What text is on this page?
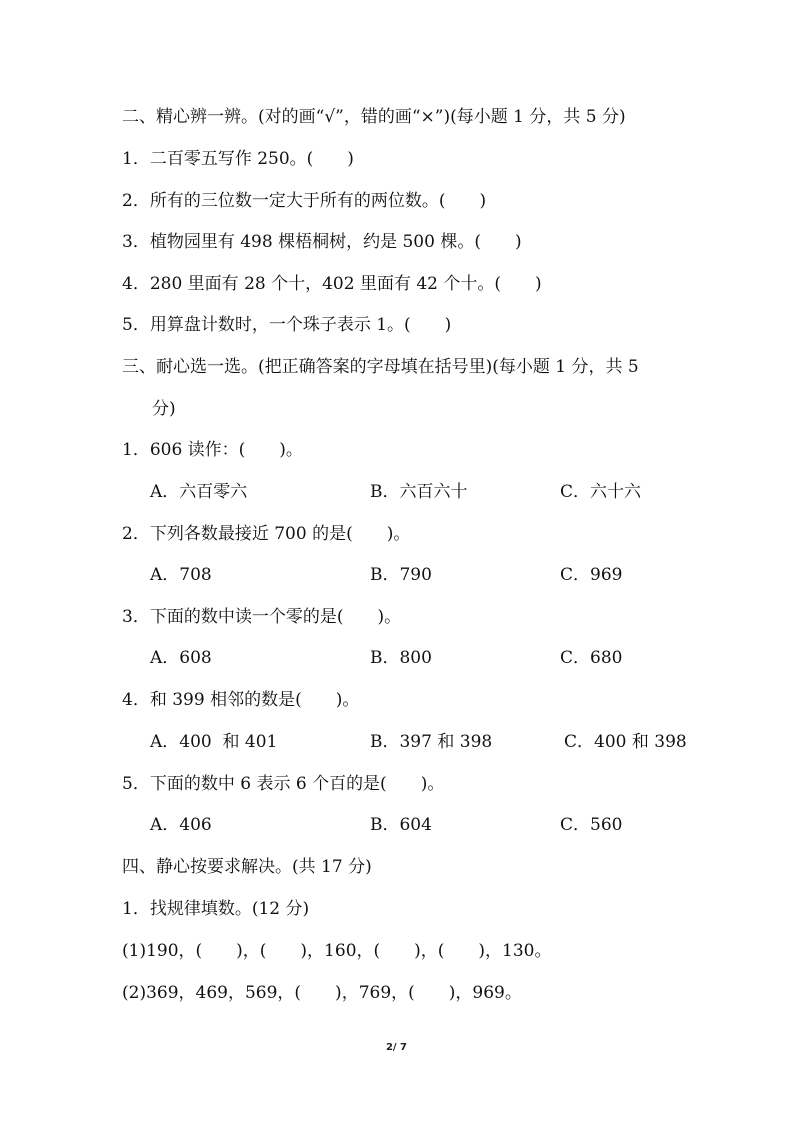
二、精心辨一辨。(对的画“√”，错的画“×”)(每小题 1 分，共 5 分)
1．二百零五写作 250。(　　)
2．所有的三位数一定大于所有的两位数。(　　)
3．植物园里有 498 棵梧桐树，约是 500 棵。(　　)
4．280 里面有 28 个十，402 里面有 42 个十。(　　)
5．用算盘计数时，一个珠子表示 1。(　　)
三、耐心选一选。(把正确答案的字母填在括号里)(每小题 1 分，共 5
分)
1．606 读作：(　　)。
A．六百零六	B．六百六十	C．六十六
2．下列各数最接近 700 的是(　　)。
A．708	B．790	C．969
3．下面的数中读一个零的是(　　)。
A．608	B．800	C．680
4．和 399 相邻的数是(　　)。
A．400  和 401	B．397 和 398	C．400 和 398
5．下面的数中 6 表示 6 个百的是(　　)。
A．406	B．604	C．560
四、静心按要求解决。(共 17 分)
1．找规律填数。(12 分)
(1)190，(　　)，(　　)，160，(　　)，(　　)，130。
(2)369，469，569，(　　)，769，(　　)，969。
2/ 7
